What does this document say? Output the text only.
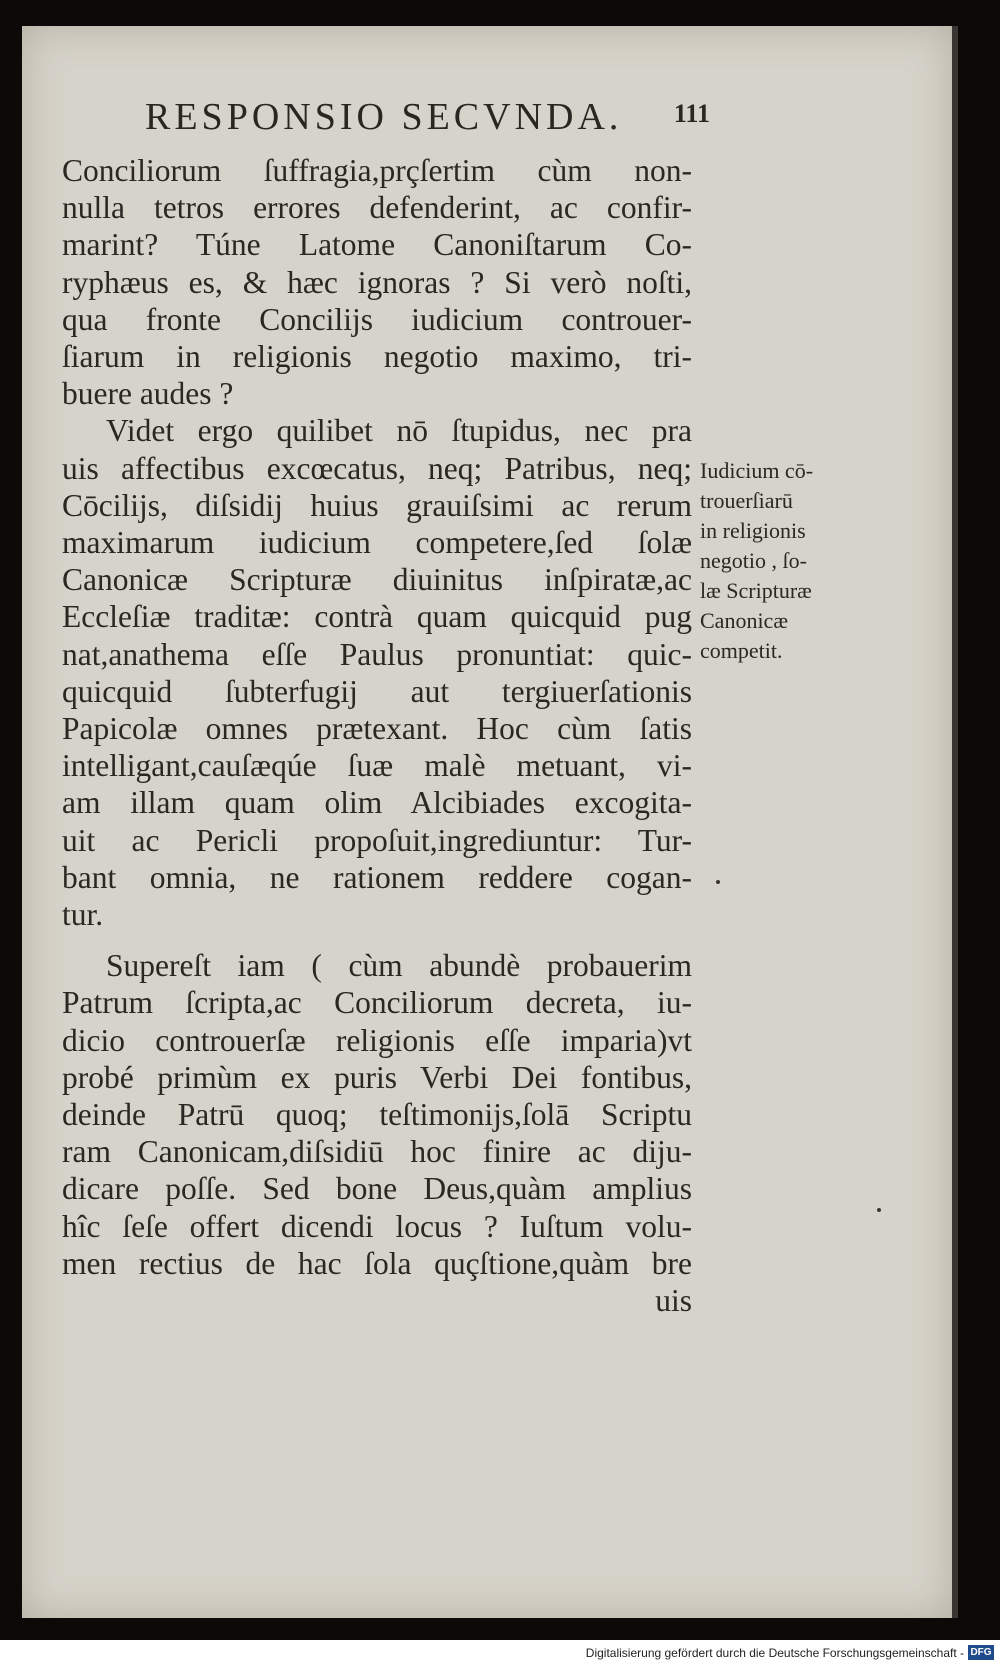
RESPONSIO SECVNDA. 111
Conciliorum ſuffragia,prçſertim cùm non-
nulla tetros errores defenderint, ac confir-
marint? Túne Latome Canoniſtarum Co-
ryphæus es, & hæc ignoras ? Si verò noſti,
qua fronte Concilijs iudicium controuer-
ſiarum in religionis negotio maximo, tri-
buere audes ?
Videt ergo quilibet nō ſtupidus, nec pra
uis affectibus excœcatus, neq; Patribus, neq;
Cōcilijs, diſsidij huius grauiſsimi ac rerum
maximarum iudicium competere,ſed ſolæ
Canonicæ Scripturæ diuinitus inſpiratæ,ac
Eccleſiæ traditæ: contrà quam quicquid pug
nat,anathema eſſe Paulus pronuntiat: quic-
quicquid ſubterfugij aut tergiuerſationis
Papicolæ omnes prætexant. Hoc cùm ſatis
intelligant,cauſæqúe ſuæ malè metuant, vi-
am illam quam olim Alcibiades excogita-
uit ac Pericli propoſuit,ingrediuntur: Tur-
bant omnia, ne rationem reddere cogan-
tur.
Supereſt iam ( cùm abundè probauerim
Patrum ſcripta,ac Conciliorum decreta, iu-
dicio controuerſæ religionis eſſe imparia)vt
probé primùm ex puris Verbi Dei fontibus,
deinde Patrū quoq; teſtimonijs,ſolā Scriptu
ram Canonicam,diſsidiū hoc finire ac diju-
dicare poſſe. Sed bone Deus,quàm amplius
hîc ſeſe offert dicendi locus ? Iuſtum volu-
men rectius de hac ſola quçſtione,quàm bre
uis
Iudicium cō-
trouerſiarū
in religionis
negotio , ſo-
læ Scripturæ
Canonicæ
competit.
Digitalisierung gefördert durch die Deutsche Forschungsgemeinschaft - DFG
